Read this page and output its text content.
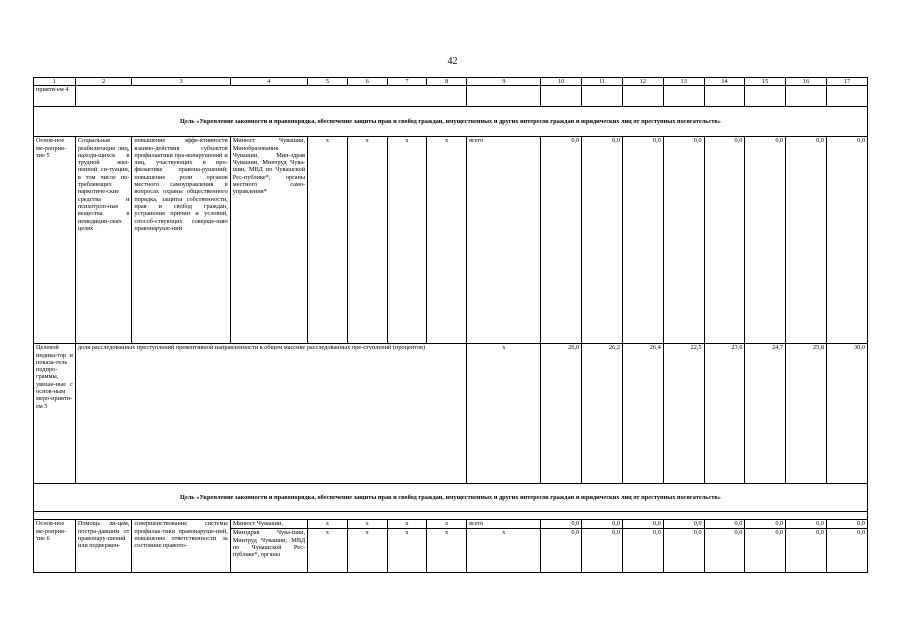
42
1	2	3	4	5	6	7	8	9	10	11	12	13	14	15	16	17
прияти-ем 4																
Цель «Укрепление законности и правопорядка, обеспечение защиты прав и свобод граждан, имущественных и других интересов граждан и юридических лиц от преступных посягательств»																
Основ-ное ме-роприя-тие 5	Социальная реабилитация лиц, находя-щихся в трудной жиз-ненной си-туации, в том числе по-требляющих наркотиче-ские средства и психотроп-ные вещества в немедицин-ских целях	повышение эффе-ктивности взаимо-действия субъектов профилактики пра-вонарушений и лиц, участвующих в про-филактике правона-рушений; повышение роли органов местного самоуправления в вопросах охраны общественного порядка, защиты собственности, прав и свобод граждан, устранения причин и условий, способ-ствующих соверше-нию правонаруше-ний	Минюст Чувашии, Минобразования Чувашии, Мин-здрав Чувашии, Минтруд Чува-шии, МВД по Чувашской Рес-публике*, органы местного само-управления*	х	х	х	х	всего	0,0	0,0	0,0	0,0	0,0	0,0	0,0	0,0
Целевой индика-тор и показа-тель подпро-граммы, увязан-ные с основ-ным меро-прияти-ем 5	доля расследованных преступлений превентивной направленности в общем массиве расследованных пре-ступлений (процентов)							х	26,0	26,2	26,4	22,5	23,6	24,7	25,8	30,0
Цель «Укрепление законности и правопорядка, обеспечение защиты прав и свобод граждан, имущественных и других интересов граждан и юридических лиц от преступных посягательств»																

Основ-ное ме-роприя-тие 6	Помощь ли-цам, постра-давшим от правонару-шений или подвержен-	совершенствование системы профилак-тики правонаруше-ний, повышение ответственности за состояние правопо-	Минюст Чувашии,	х	х	х	х	всего	0,0	0,0	0,0	0,0	0,0	0,0	0,0	0,0
			Минздрав Чува-шии, Минтруд Чувашии, МВД по Чувашской Рес-публике*, органы	х	х	х	х	х	0,0	0,0	0,0	0,0	0,0	0,0	0,0	0,0
